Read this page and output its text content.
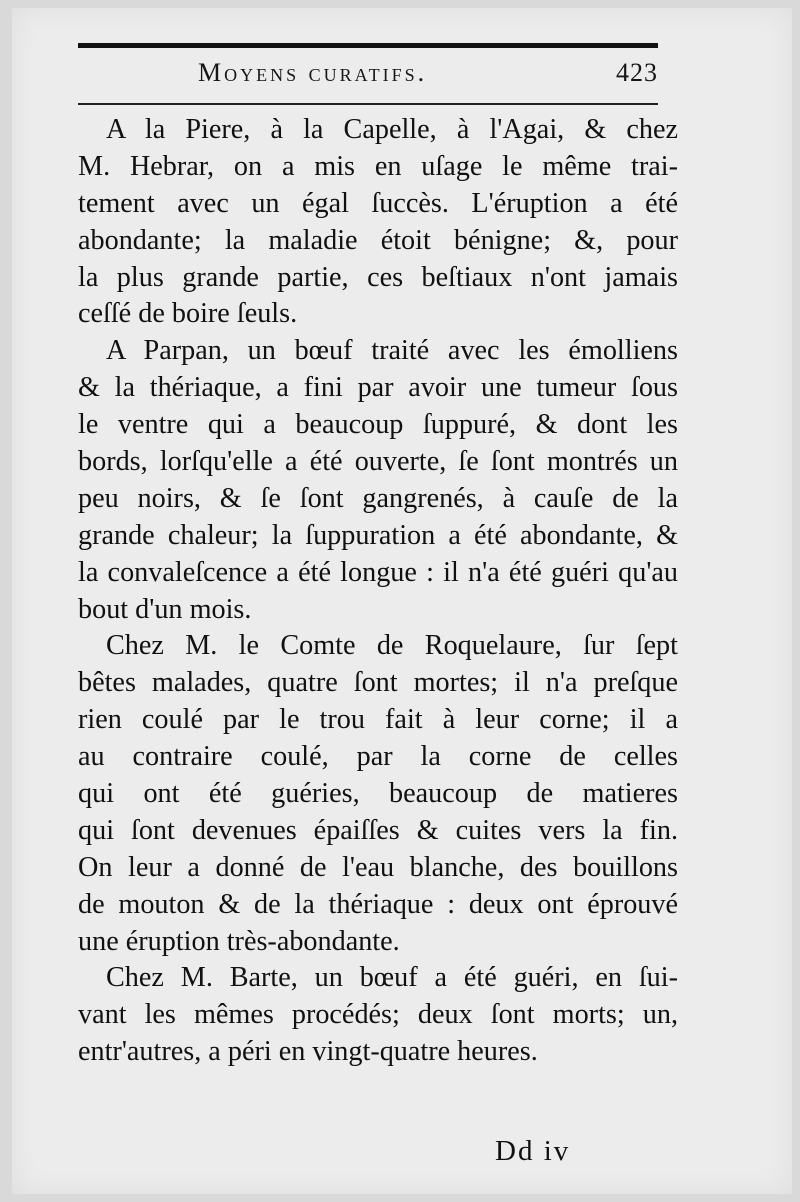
Moyens curatifs.	423
A la Piere, à la Capelle, à l'Agai, & chez
M. Hebrar, on a mis en uſage le même trai-
tement avec un égal ſuccès. L'éruption a été
abondante; la maladie étoit bénigne; &, pour
la plus grande partie, ces beſtiaux n'ont jamais
ceſſé de boire ſeuls.
A Parpan, un bœuf traité avec les émolliens
& la thériaque, a fini par avoir une tumeur ſous
le ventre qui a beaucoup ſuppuré, & dont les
bords, lorſqu'elle a été ouverte, ſe ſont montrés un
peu noirs, & ſe ſont gangrenés, à cauſe de la
grande chaleur; la ſuppuration a été abondante, &
la convaleſcence a été longue : il n'a été guéri qu'au
bout d'un mois.
Chez M. le Comte de Roquelaure, ſur ſept
bêtes malades, quatre ſont mortes; il n'a preſque
rien coulé par le trou fait à leur corne; il a
au contraire coulé, par la corne de celles
qui ont été guéries, beaucoup de matieres
qui ſont devenues épaiſſes & cuites vers la fin.
On leur a donné de l'eau blanche, des bouillons
de mouton & de la thériaque : deux ont éprouvé
une éruption très-abondante.
Chez M. Barte, un bœuf a été guéri, en ſui-
vant les mêmes procédés; deux ſont morts; un,
entr'autres, a péri en vingt-quatre heures.
Dd iv
